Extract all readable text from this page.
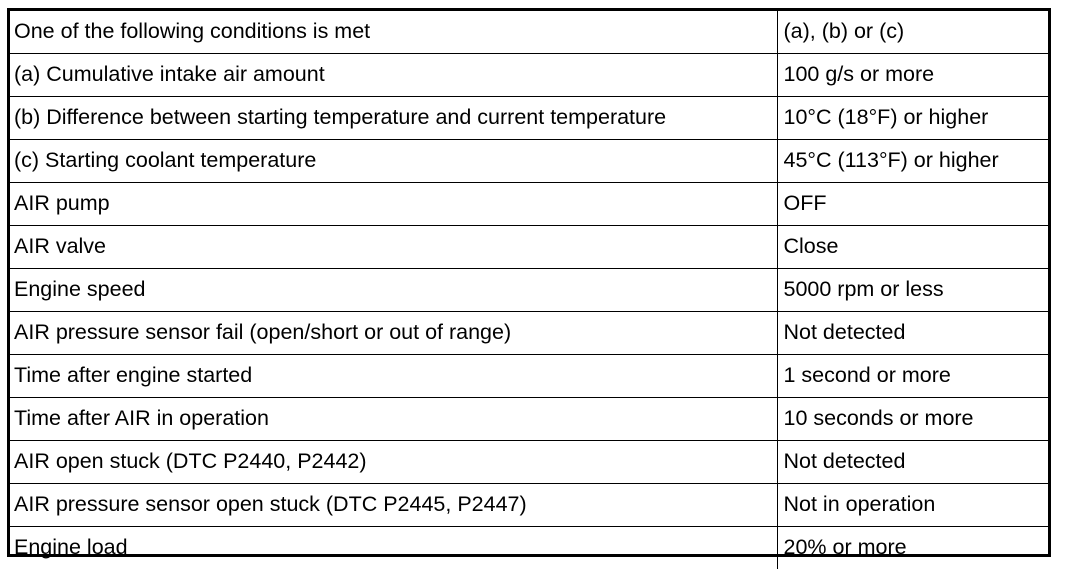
One of the following conditions is met	(a), (b) or (c)
(a) Cumulative intake air amount	100 g/s or more
(b) Difference between starting temperature and current temperature	10°C (18°F) or higher
(c) Starting coolant temperature	45°C (113°F) or higher
AIR pump	OFF
AIR valve	Close
Engine speed	5000 rpm or less
AIR pressure sensor fail (open/short or out of range)	Not detected
Time after engine started	1 second or more
Time after AIR in operation	10 seconds or more
AIR open stuck (DTC P2440, P2442)	Not detected
AIR pressure sensor open stuck (DTC P2445, P2447)	Not in operation
Engine load	20% or more
